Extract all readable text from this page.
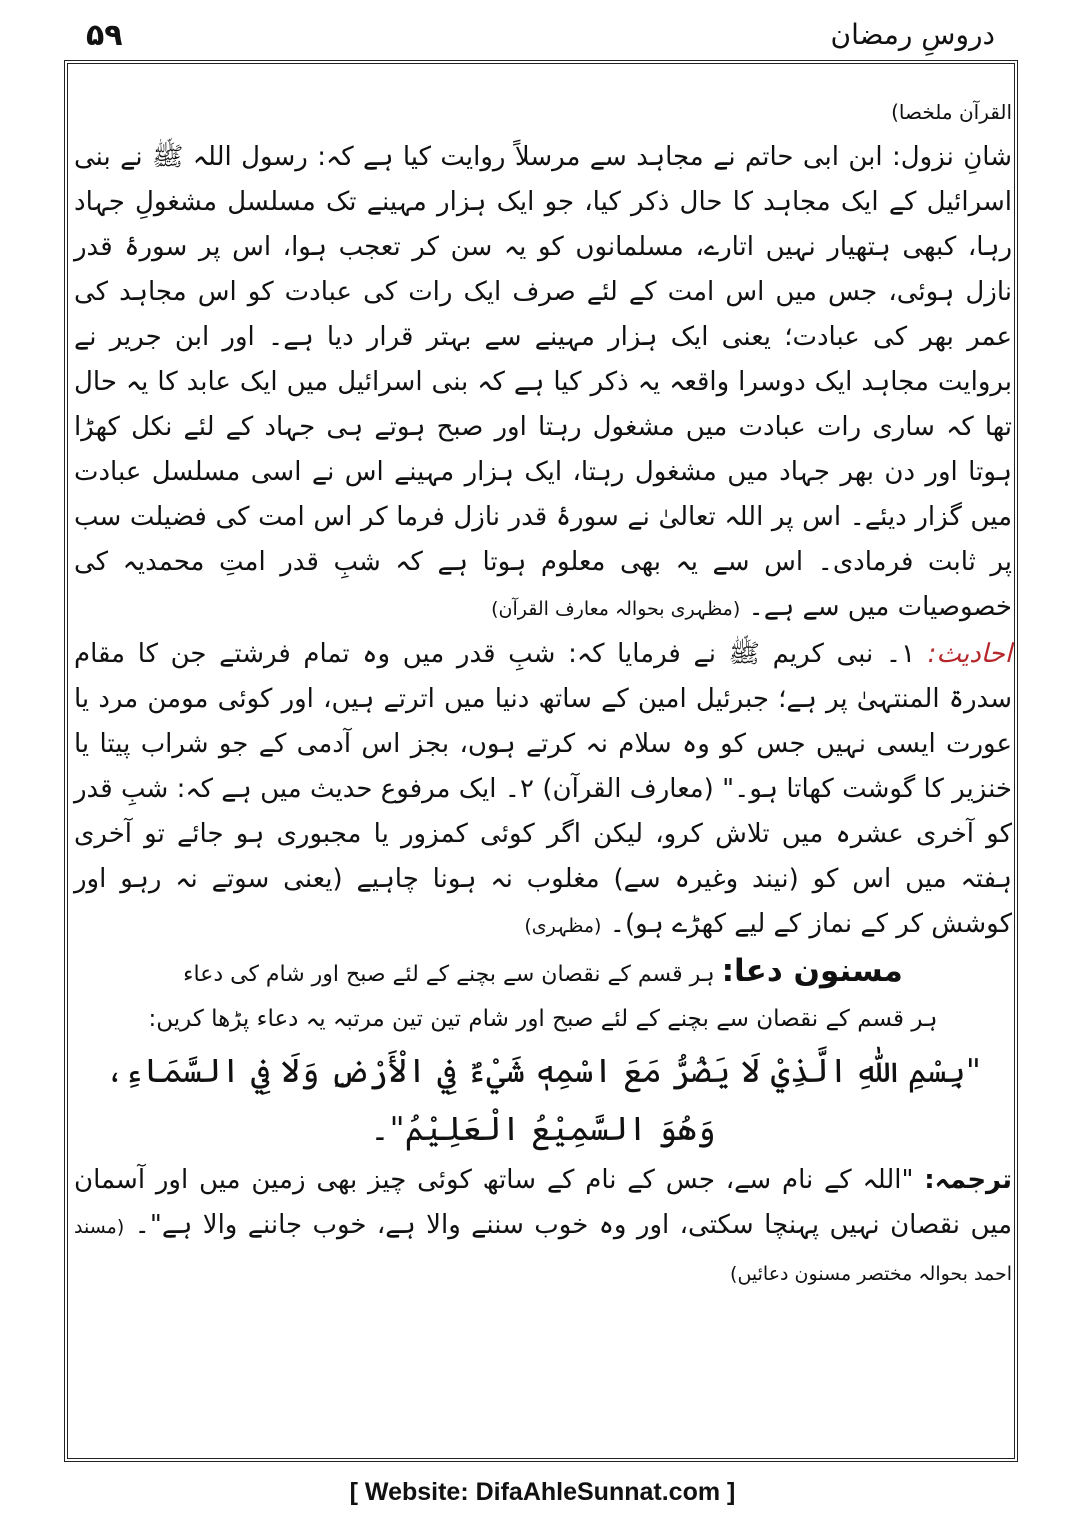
۵۹	دروسِ رمضان

القرآن ملخصا)

شانِ نزول: ابن ابی حاتم نے مجاہد سے مرسلاً روایت کیا ہے کہ: رسول اللہ ﷺ نے بنی اسرائیل کے ایک مجاہد کا حال ذکر کیا، جو ایک ہزار مہینے تک مسلسل مشغولِ جہاد رہا، کبھی ہتھیار نہیں اتارے، مسلمانوں کو یہ سن کر تعجب ہوا، اس پر سورۂ قدر نازل ہوئی، جس میں اس امت کے لئے صرف ایک رات کی عبادت کو اس مجاہد کی عمر بھر کی عبادت؛ یعنی ایک ہزار مہینے سے بہتر قرار دیا ہے۔ اور ابن جریر نے بروایت مجاہد ایک دوسرا واقعہ یہ ذکر کیا ہے کہ بنی اسرائیل میں ایک عابد کا یہ حال تھا کہ ساری رات عبادت میں مشغول رہتا اور صبح ہوتے ہی جہاد کے لئے نکل کھڑا ہوتا اور دن بھر جہاد میں مشغول رہتا، ایک ہزار مہینے اس نے اسی مسلسل عبادت میں گزار دیئے۔ اس پر اللہ تعالیٰ نے سورۂ قدر نازل فرما کر اس امت کی فضیلت سب پر ثابت فرمادی۔ اس سے یہ بھی معلوم ہوتا ہے کہ شبِ قدر امتِ محمدیہ کی خصوصیات میں سے ہے۔ (مظہری بحوالہ معارف القرآن)

احادیث: ۱۔ نبی کریم ﷺ نے فرمایا کہ: شبِ قدر میں وہ تمام فرشتے جن کا مقام سدرۃ المنتہیٰ پر ہے؛ جبرئیل امین کے ساتھ دنیا میں اترتے ہیں، اور کوئی مومن مرد یا عورت ایسی نہیں جس کو وہ سلام نہ کرتے ہوں، بجز اس آدمی کے جو شراب پیتا یا خنزیر کا گوشت کھاتا ہو۔" (معارف القرآن) ۲۔ ایک مرفوع حدیث میں ہے کہ: شبِ قدر کو آخری عشرہ میں تلاش کرو، لیکن اگر کوئی کمزور یا مجبوری ہو جائے تو آخری ہفتہ میں اس کو (نیند وغیرہ سے) مغلوب نہ ہونا چاہیے (یعنی سوتے نہ رہو اور کوشش کر کے نماز کے لیے کھڑے ہو)۔ (مظہری)

مسنون دعا: ہر قسم کے نقصان سے بچنے کے لئے صبح اور شام کی دعاء

ہر قسم کے نقصان سے بچنے کے لئے صبح اور شام تین تین مرتبہ یہ دعاء پڑھا کریں:

"بِسْمِ اللّٰهِ الَّذِيْ لَا يَضُرُّ مَعَ اسْمِهٖ شَيْءٌ فِي الْأَرْضِ وَلَا فِي السَّمَاءِ، وَهُوَ السَّمِيْعُ الْعَلِيْمُ"۔

ترجمہ: "اللہ کے نام سے، جس کے نام کے ساتھ کوئی چیز بھی زمین میں اور آسمان میں نقصان نہیں پہنچا سکتی، اور وہ خوب سننے والا ہے، خوب جاننے والا ہے"۔ (مسند احمد بحوالہ مختصر مسنون دعائیں)

[ Website: DifaAhleSunnat.com ]
